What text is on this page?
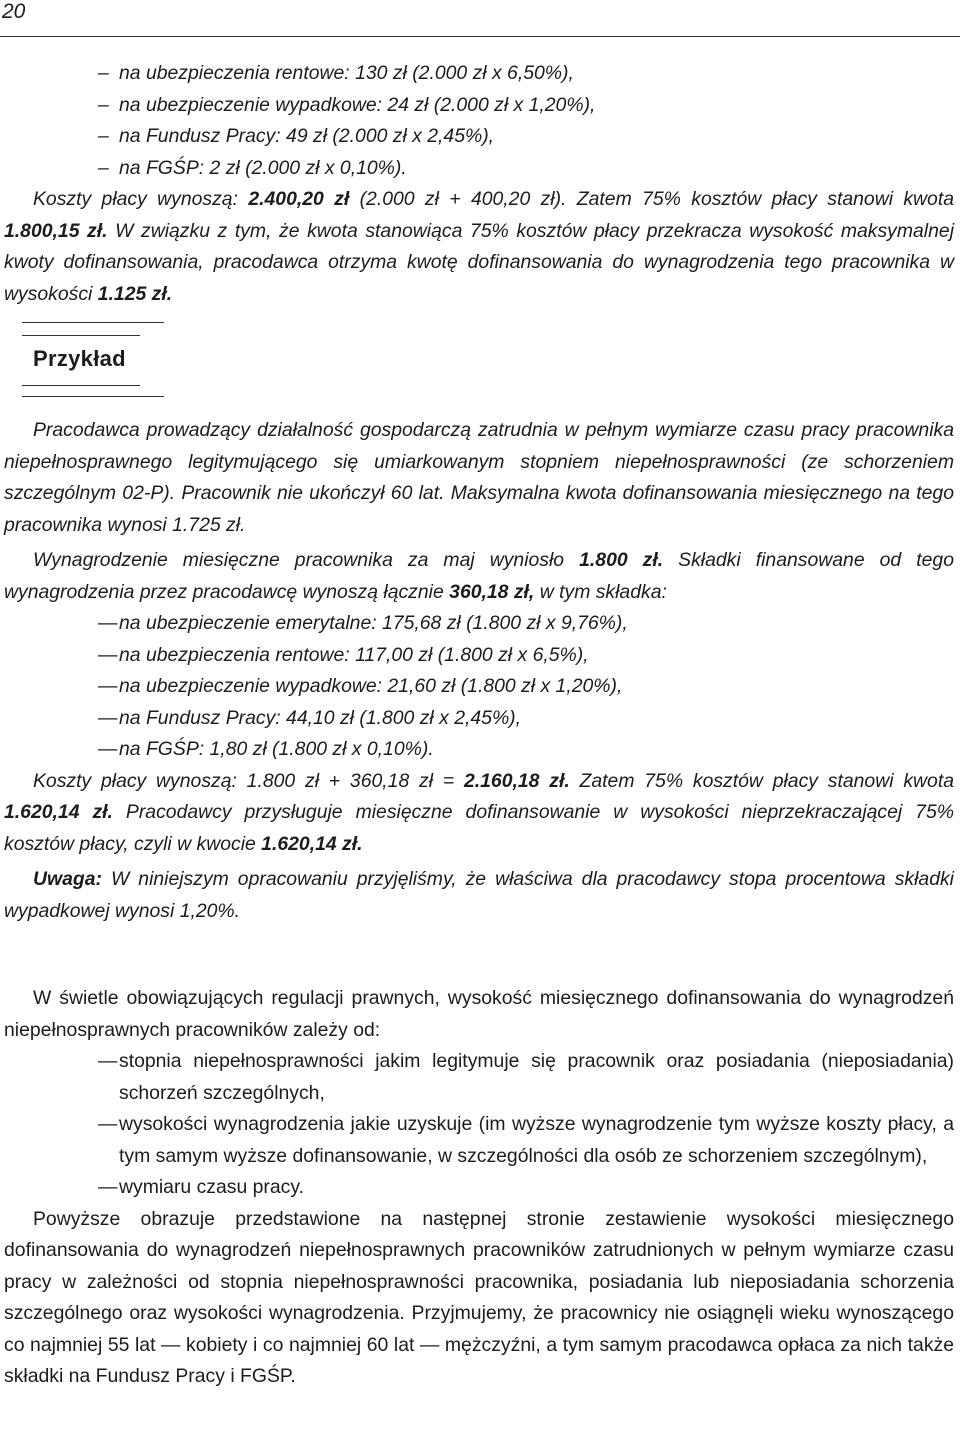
20
– na ubezpieczenia rentowe: 130 zł (2.000 zł x 6,50%),
– na ubezpieczenie wypadkowe: 24 zł (2.000 zł x 1,20%),
– na Fundusz Pracy: 49 zł (2.000 zł x 2,45%),
– na FGŚP: 2 zł (2.000 zł x 0,10%).

Koszty płacy wynoszą: 2.400,20 zł (2.000 zł + 400,20 zł). Zatem 75% kosztów płacy stanowi kwota 1.800,15 zł. W związku z tym, że kwota stanowiąca 75% kosztów płacy przekracza wysokość maksymalnej kwoty dofinansowania, pracodawca otrzyma kwotę dofinansowania do wynagrodzenia tego pracownika w wysokości 1.125 zł.

Przykład

Pracodawca prowadzący działalność gospodarczą zatrudnia w pełnym wymiarze czasu pracy pracownika niepełnosprawnego legitymującego się umiarkowanym stopniem niepełnosprawności (ze schorzeniem szczególnym 02-P). Pracownik nie ukończył 60 lat. Maksymalna kwota dofinansowania miesięcznego na tego pracownika wynosi 1.725 zł.

Wynagrodzenie miesięczne pracownika za maj wyniosło 1.800 zł. Składki finansowane od tego wynagrodzenia przez pracodawcę wynoszą łącznie 360,18 zł, w tym składka:

— na ubezpieczenie emerytalne: 175,68 zł (1.800 zł x 9,76%),
— na ubezpieczenia rentowe: 117,00 zł (1.800 zł x 6,5%),
— na ubezpieczenie wypadkowe: 21,60 zł (1.800 zł x 1,20%),
— na Fundusz Pracy: 44,10 zł (1.800 zł x 2,45%),
— na FGŚP: 1,80 zł (1.800 zł x 0,10%).

Koszty płacy wynoszą: 1.800 zł + 360,18 zł = 2.160,18 zł. Zatem 75% kosztów płacy stanowi kwota 1.620,14 zł. Pracodawcy przysługuje miesięczne dofinansowanie w wysokości nieprzekraczającej 75% kosztów płacy, czyli w kwocie 1.620,14 zł.

Uwaga: W niniejszym opracowaniu przyjęliśmy, że właściwa dla pracodawcy stopa procentowa składki wypadkowej wynosi 1,20%.

W świetle obowiązujących regulacji prawnych, wysokość miesięcznego dofinansowania do wynagrodzeń niepełnosprawnych pracowników zależy od:

— stopnia niepełnosprawności jakim legitymuje się pracownik oraz posiadania (nieposiadania) schorzeń szczególnych,
— wysokości wynagrodzenia jakie uzyskuje (im wyższe wynagrodzenie tym wyższe koszty płacy, a tym samym wyższe dofinansowanie, w szczególności dla osób ze schorzeniem szczególnym),
— wymiaru czasu pracy.

Powyższe obrazuje przedstawione na następnej stronie zestawienie wysokości miesięcznego dofinansowania do wynagrodzeń niepełnosprawnych pracowników zatrudnionych w pełnym wymiarze czasu pracy w zależności od stopnia niepełnosprawności pracownika, posiadania lub nieposiadania schorzenia szczególnego oraz wysokości wynagrodzenia. Przyjmujemy, że pracownicy nie osiągnęli wieku wynoszącego co najmniej 55 lat — kobiety i co najmniej 60 lat — mężczyźni, a tym samym pracodawca opłaca za nich także składki na Fundusz Pracy i FGŚP.
